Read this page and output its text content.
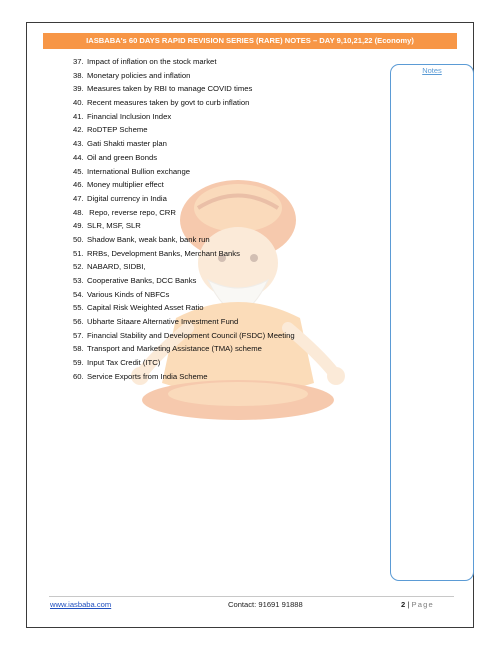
IASBABA's 60 DAYS RAPID REVISION SERIES (RARE) NOTES – DAY 9,10,21,22 (Economy)
37. Impact of inflation on the stock market
38. Monetary policies and inflation
39. Measures taken by RBI to manage COVID times
40. Recent measures taken by govt to curb inflation
41. Financial Inclusion Index
42. RoDTEP Scheme
43. Gati Shakti master plan
44. Oil and green Bonds
45. International Bullion exchange
46. Money multiplier effect
47. Digital currency in India
48. Repo, reverse repo, CRR
49. SLR, MSF, SLR
50. Shadow Bank, weak bank, bank run
51. RRBs, Development Banks, Merchant Banks
52. NABARD, SIDBI,
53. Cooperative Banks, DCC Banks
54. Various Kinds of NBFCs
55. Capital Risk Weighted Asset Ratio
56. Ubharte Sitaare Alternative Investment Fund
57. Financial Stability and Development Council (FSDC) Meeting
58. Transport and Marketing Assistance (TMA) scheme
59. Input Tax Credit (ITC)
60. Service Exports from India Scheme
Notes
www.iasbaba.com	Contact: 91691 91888	2 | Page
